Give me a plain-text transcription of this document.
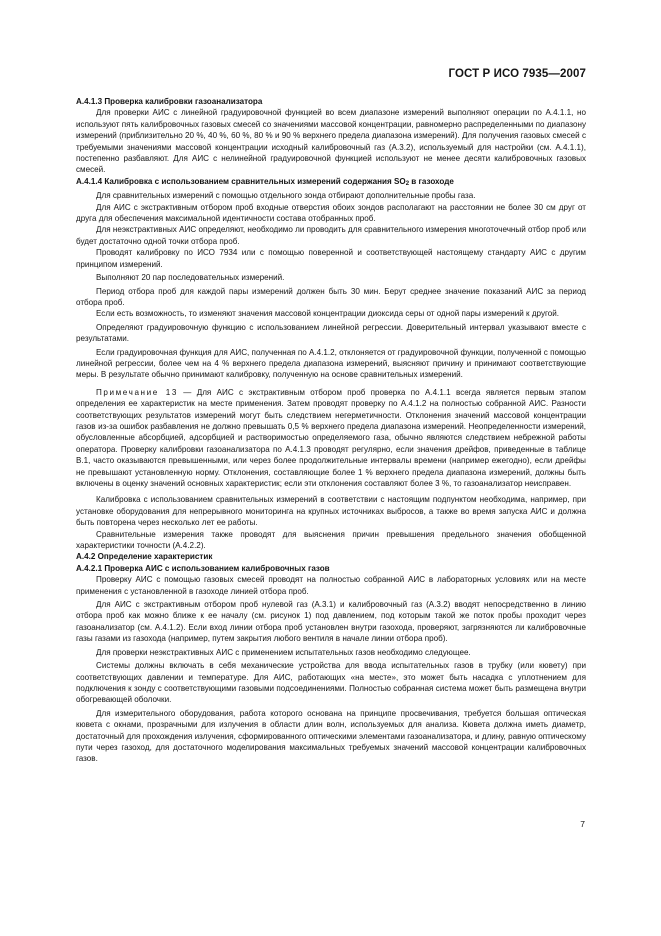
ГОСТ Р ИСО 7935—2007

А.4.1.3 Проверка калибровки газоанализатора

Для проверки АИС с линейной градуировочной функцией во всем диапазоне измерений выполняют операции по А.4.1.1, но используют пять калибровочных газовых смесей со значениями массовой концентрации, равномерно распределенными по диапазону измерений (приблизительно 20 %, 40 %, 60 %, 80 % и 90 % верхнего предела диапазона измерений). Для получения газовых смесей с требуемыми значениями массовой концентрации исходный калибровочный газ (А.3.2), используемый для настройки (см. А.4.1.1), постепенно разбавляют. Для АИС с нелинейной градуировочной функцией используют не менее десяти калибровочных газовых смесей.

А.4.1.4 Калибровка с использованием сравнительных измерений содержания $SO_2$ в газоходе

Для сравнительных измерений с помощью отдельного зонда отбирают дополнительные пробы газа.

Для АИС с экстрактивным отбором проб входные отверстия обоих зондов располагают на расстоянии не более 30 см друг от друга для обеспечения максимальной идентичности состава отобранных проб.

Для неэкстрактивных АИС определяют, необходимо ли проводить для сравнительного измерения многоточечный отбор проб или будет достаточно одной точки отбора проб.

Проводят калибровку по ИСО 7934 или с помощью поверенной и соответствующей настоящему стандарту АИС с другим принципом измерений.

Выполняют 20 пар последовательных измерений.

Период отбора проб для каждой пары измерений должен быть 30 мин. Берут среднее значение показаний АИС за период отбора проб.

Если есть возможность, то изменяют значения массовой концентрации диоксида серы от одной пары измерений к другой.

Определяют градуировочную функцию с использованием линейной регрессии. Доверительный интервал указывают вместе с результатами.

Если градуировочная функция для АИС, полученная по А.4.1.2, отклоняется от градуировочной функции, полученной с помощью линейной регрессии, более чем на 4 % верхнего предела диапазона измерений, выясняют причину и принимают соответствующие меры. В результате обычно принимают калибровку, полученную на основе сравнительных измерений.

Примечание 13 — Для АИС с экстрактивным отбором проб проверка по А.4.1.1 всегда является первым этапом определения ее характеристик на месте применения. Затем проводят проверку по А.4.1.2 на полностью собранной АИС. Разности соответствующих результатов измерений могут быть следствием негерметичности. Отклонения значений массовой концентрации газов из-за ошибок разбавления не должно превышать 0,5 % верхнего предела диапазона измерений. Неопределенности измерений, обусловленные абсорбцией, адсорбцией и растворимостью определяемого газа, обычно являются следствием небрежной работы оператора. Проверку калибровки газоанализатора по А.4.1.3 проводят регулярно, если значения дрейфов, приведенные в таблице В.1, часто оказываются превышенными, или через более продолжительные интервалы времени (например ежегодно), если дрейфы не превышают установленную норму. Отклонения, составляющие более 1 % верхнего предела диапазона измерений, должны быть включены в оценку значений основных характеристик; если эти отклонения составляют более 3 %, то газоанализатор неисправен.

Калибровка с использованием сравнительных измерений в соответствии с настоящим подпунктом необходима, например, при установке оборудования для непрерывного мониторинга на крупных источниках выбросов, а также во время запуска АИС и должна быть повторена через несколько лет ее работы.

Сравнительные измерения также проводят для выяснения причин превышения предельного значения обобщенной характеристики точности (А.4.2.2).

А.4.2 Определение характеристик

А.4.2.1 Проверка АИС с использованием калибровочных газов

Проверку АИС с помощью газовых смесей проводят на полностью собранной АИС в лабораторных условиях или на месте применения с установленной в газоходе линией отбора проб.

Для АИС с экстрактивным отбором проб нулевой газ (А.3.1) и калибровочный газ (А.3.2) вводят непосредственно в линию отбора проб как можно ближе к ее началу (см. рисунок 1) под давлением, под которым такой же поток пробы проходит через газоанализатор (см. А.4.1.2). Если вход линии отбора проб установлен внутри газохода, проверяют, загрязняются ли калибровочные газы газами из газохода (например, путем закрытия любого вентиля в начале линии отбора проб).

Для проверки неэкстрактивных АИС с применением испытательных газов необходимо следующее.

Системы должны включать в себя механические устройства для ввода испытательных газов в трубку (или кювету) при соответствующих давлении и температуре. Для АИС, работающих «на месте», это может быть насадка с уплотнением для подключения к зонду с соответствующими газовыми подсоединениями. Полностью собранная система может быть размещена внутри обогревающей оболочки.

Для измерительного оборудования, работа которого основана на принципе просвечивания, требуется большая оптическая кювета с окнами, прозрачными для излучения в области длин волн, используемых для анализа. Кювета должна иметь диаметр, достаточный для прохождения излучения, сформированного оптическими элементами газоанализатора, и длину, равную оптическому пути через газоход, для достаточного моделирования максимальных требуемых значений массовой концентрации калибровочных газов.

7
